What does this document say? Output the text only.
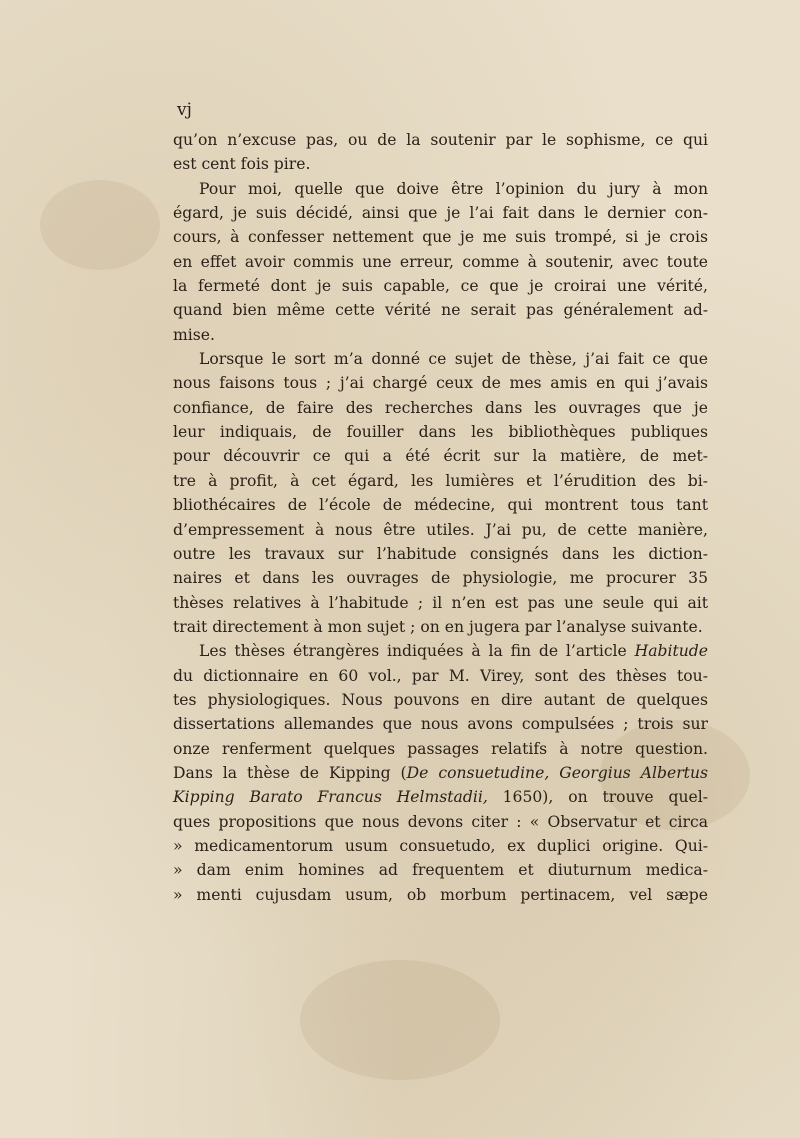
vj
qu’on n’excuse pas, ou de la soutenir par le sophisme, ce qui
est cent fois pire.
Pour moi, quelle que doive être l’opinion du jury à mon
égard, je suis décidé, ainsi que je l’ai fait dans le dernier con-
cours, à confesser nettement que je me suis trompé, si je crois
en effet avoir commis une erreur, comme à soutenir, avec toute
la fermeté dont je suis capable, ce que je croirai une vérité,
quand bien même cette vérité ne serait pas généralement ad-
mise.
Lorsque le sort m’a donné ce sujet de thèse, j’ai fait ce que
nous faisons tous ; j’ai chargé ceux de mes amis en qui j’avais
confiance, de faire des recherches dans les ouvrages que je
leur indiquais, de fouiller dans les bibliothèques publiques
pour découvrir ce qui a été écrit sur la matière, de met-
tre à profit, à cet égard, les lumières et l’érudition des bi-
bliothécaires de l’école de médecine, qui montrent tous tant
d’empressement à nous être utiles. J’ai pu, de cette manière,
outre les travaux sur l’habitude consignés dans les diction-
naires et dans les ouvrages de physiologie, me procurer 35
thèses relatives à l’habitude ; il n’en est pas une seule qui ait
trait directement à mon sujet ; on en jugera par l’analyse suivante.
Les thèses étrangères indiquées à la fin de l’article Habitude
du dictionnaire en 60 vol., par M. Virey, sont des thèses tou-
tes physiologiques. Nous pouvons en dire autant de quelques
dissertations allemandes que nous avons compulsées ; trois sur
onze renferment quelques passages relatifs à notre question.
Dans la thèse de Kipping (De consuetudine, Georgius Albertus
Kipping Barato Francus Helmstadii, 1650), on trouve quel-
ques propositions que nous devons citer : « Observatur et circa
» medicamentorum usum consuetudo, ex duplici origine. Qui-
» dam enim homines ad frequentem et diuturnum medica-
» menti cujusdam usum, ob morbum pertinacem, vel sæpe
